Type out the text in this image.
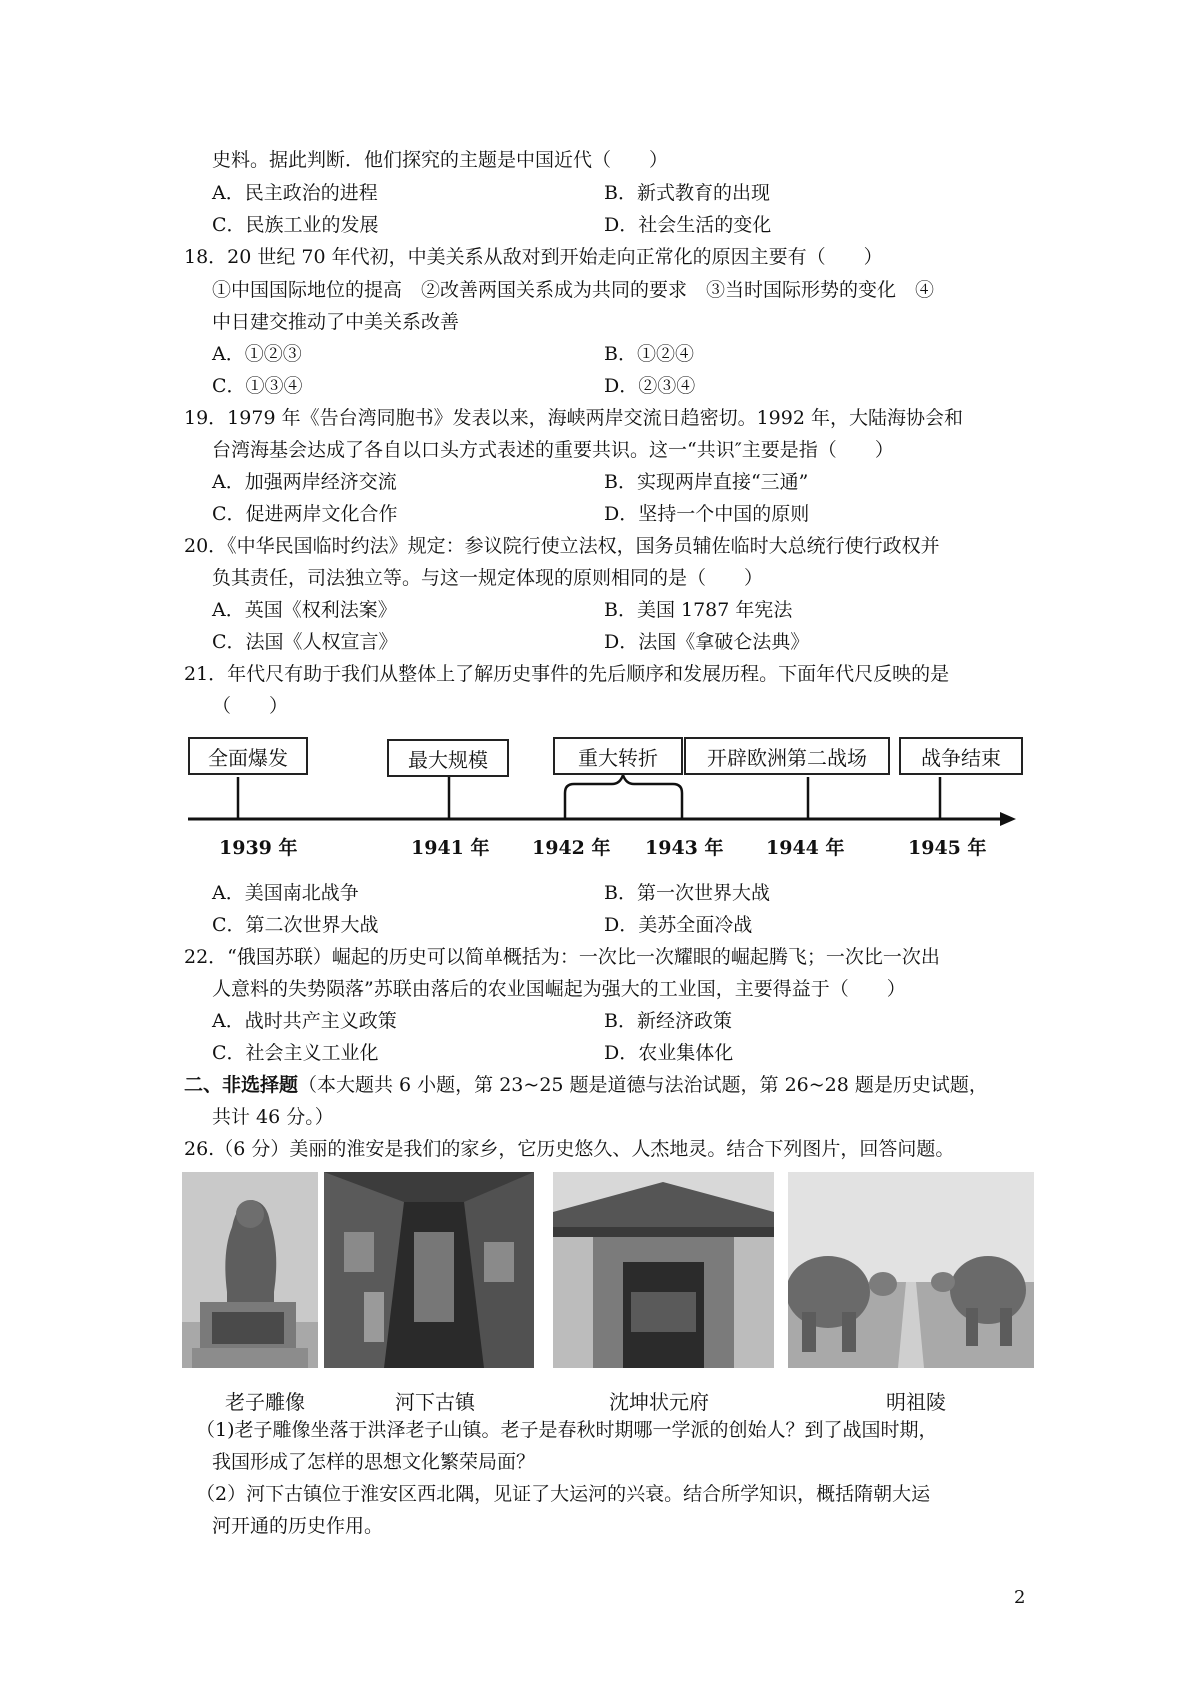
史料。据此判断．他们探究的主题是中国近代（　　）
A．民主政治的进程	B．新式教育的出现
C．民族工业的发展	D．社会生活的变化
18．20 世纪 70 年代初，中美关系从敌对到开始走向正常化的原因主要有（　　）
①中国国际地位的提高　②改善两国关系成为共同的要求　③当时国际形势的变化　④
中日建交推动了中美关系改善
A．①②③	B．①②④
C．①③④	D．②③④
19．1979 年《告台湾同胞书》发表以来，海峡两岸交流日趋密切。1992 年，大陆海协会和
台湾海基会达成了各自以口头方式表述的重要共识。这一“共识″主要是指（　　）
A．加强两岸经济交流	B．实现两岸直接“三通”
C．促进两岸文化合作	D．坚持一个中国的原则
20．《中华民国临时约法》规定：参议院行使立法权，国务员辅佐临时大总统行使行政权并
负其责任，司法独立等。与这一规定体现的原则相同的是（　　）
A．英国《权利法案》	B．美国 1787 年宪法
C．法国《人权宣言》	D．法国《拿破仑法典》
21．年代尺有助于我们从整体上了解历史事件的先后顺序和发展历程。下面年代尺反映的是
（　　）
全面爆发	最大规模	重大转折	开辟欧洲第二战场	战争结束
1939 年	1941 年 1942 年 1943 年 1944 年	1945 年
A．美国南北战争	B．第一次世界大战
C．第二次世界大战	D．美苏全面冷战
22．“俄国苏联）崛起的历史可以简单概括为：一次比一次耀眼的崛起腾飞；一次比一次出
人意料的失势陨落”苏联由落后的农业国崛起为强大的工业国，主要得益于（　　）
A．战时共产主义政策	B．新经济政策
C．社会主义工业化	D．农业集体化
二、非选择题（本大题共 6 小题，第 23~25 题是道德与法治试题，第 26~28 题是历史试题，
共计 46 分。）
26.（6 分）美丽的淮安是我们的家乡，它历史悠久、人杰地灵。结合下列图片，回答问题。
老子雕像	河下古镇	沈坤状元府	明祖陵
（1)老子雕像坐落于洪泽老子山镇。老子是春秋时期哪一学派的创始人？到了战国时期，
我国形成了怎样的思想文化繁荣局面？
（2）河下古镇位于淮安区西北隅，见证了大运河的兴衰。结合所学知识，概括隋朝大运
河开通的历史作用。
2
